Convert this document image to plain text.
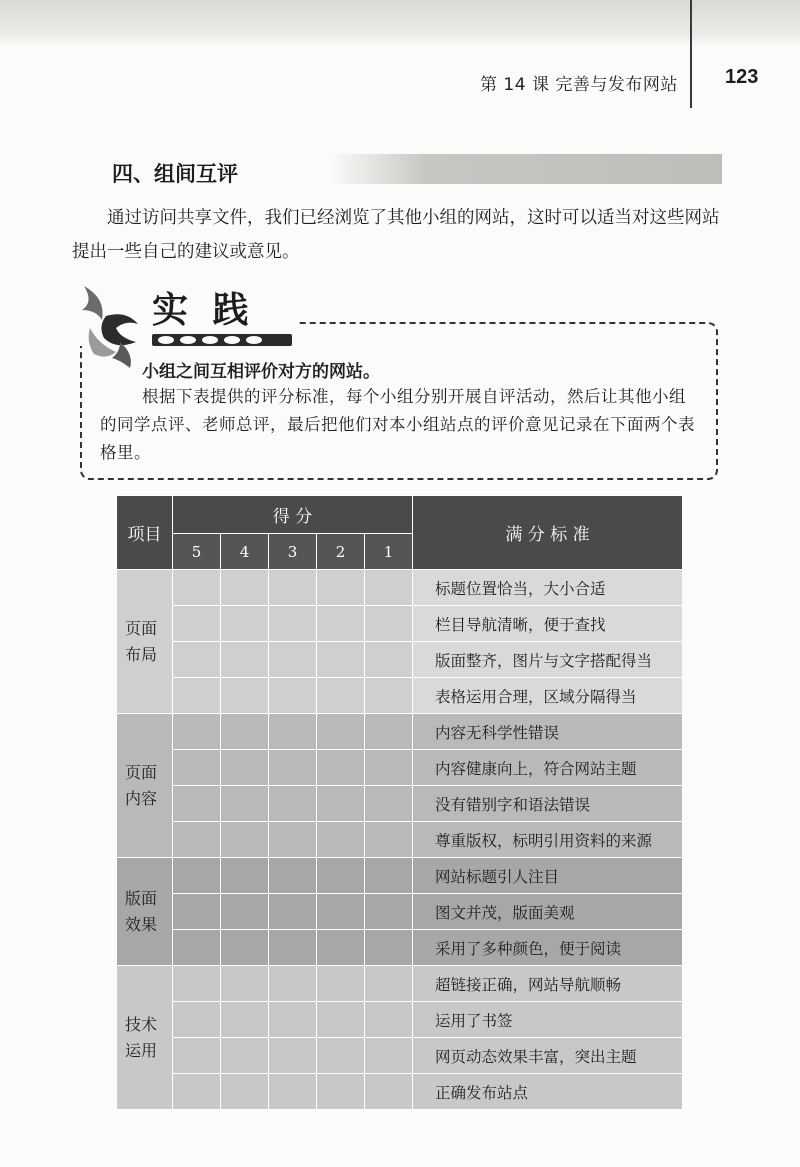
第 14 课 完善与发布网站 123
四、组间互评

通过访问共享文件，我们已经浏览了其他小组的网站，这时可以适当对这些网站提出一些自己的建议或意见。

实 践
小组之间互相评价对方的网站。

根据下表提供的评分标准，每个小组分别开展自评活动，然后让其他小组的同学点评、老师总评，最后把他们对本小组站点的评价意见记录在下面两个表格里。

项目	得 分					满 分 标 准
	5	4	3	2	1	
页面
布局						标题位置恰当，大小合适
						栏目导航清晰，便于查找
						版面整齐，图片与文字搭配得当
						表格运用合理，区域分隔得当
页面
内容						内容无科学性错误
						内容健康向上，符合网站主题
						没有错别字和语法错误
						尊重版权，标明引用资料的来源
版面
效果						网站标题引人注目
						图文并茂，版面美观
						采用了多种颜色，便于阅读
技术
运用						超链接正确，网站导航顺畅
						运用了书签
						网页动态效果丰富，突出主题
						正确发布站点
